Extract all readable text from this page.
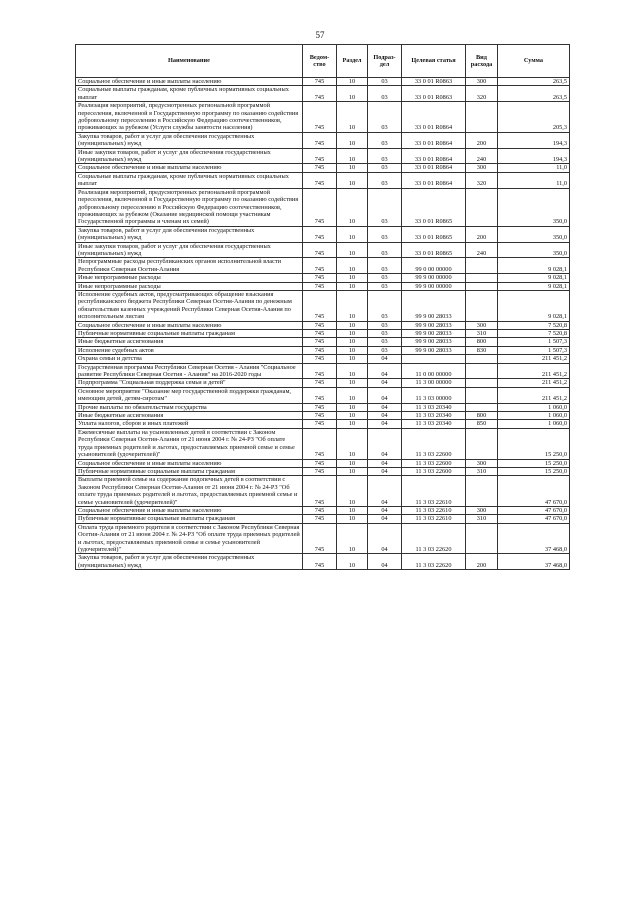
57
Наименование	Ведом-ство	Раздел	Подраз-дел	Целевая статья	Вид расхода	Сумма
Социальное обеспечение и иные выплаты населению	745	10	03	33 0 01 R0863	300	263,5
Социальные выплаты гражданам, кроме публичных нормативных социальных выплат	745	10	03	33 0 01 R0863	320	263,5
Реализация мероприятий, предусмотренных региональной программой переселения, включенной в Государственную программу по оказанию содействия добровольному переселению в Российскую Федерацию соотечественников, проживающих за рубежом (Услуги службы занятости населения)	745	10	03	33 0 01 R0864		205,3
Закупка товаров, работ и услуг для обеспечения государственных (муниципальных) нужд	745	10	03	33 0 01 R0864	200	194,3
Иные закупки товаров, работ и услуг для обеспечения государственных (муниципальных) нужд	745	10	03	33 0 01 R0864	240	194,3
Социальное обеспечение и иные выплаты населению	745	10	03	33 0 01 R0864	300	11,0
Социальные выплаты гражданам, кроме публичных нормативных социальных выплат	745	10	03	33 0 01 R0864	320	11,0
Реализация мероприятий, предусмотренных региональной программой переселения, включенной в Государственную программу по оказанию содействия добровольному переселению в Российскую Федерацию соотечественников, проживающих за рубежом (Оказание медицинской помощи участникам Государственной программы и членам их семей)	745	10	03	33 0 01 R0865		350,0
Закупка товаров, работ и услуг для обеспечения государственных (муниципальных) нужд	745	10	03	33 0 01 R0865	200	350,0
Иные закупки товаров, работ и услуг для обеспечения государственных (муниципальных) нужд	745	10	03	33 0 01 R0865	240	350,0
Непрограммные расходы республиканских органов исполнительной власти Республики Северная Осетия-Алания	745	10	03	99 0 00 00000		9 028,1
Иные непрограммные расходы	745	10	03	99 9 00 00000		9 028,1
Иные непрограммные расходы	745	10	03	99 9 00 00000		9 028,1
Исполнение судебных актов, предусматривающих обращение взыскания республиканского бюджета Республики Северная Осетия-Алания по денежным обязательствам казенных учреждений Республики Северная Осетия-Алания по исполнительным листам	745	10	03	99 9 00 28033		9 028,1
Социальное обеспечение и иные выплаты населению	745	10	03	99 9 00 28033	300	7 520,8
Публичные нормативные социальные выплаты гражданам	745	10	03	99 9 00 28033	310	7 520,8
Иные бюджетные ассигнования	745	10	03	99 9 00 28033	800	1 507,3
Исполнение судебных актов	745	10	03	99 9 00 28033	830	1 507,3
Охрана семьи и детства	745	10	04			211 451,2
Государственная программа Республики Северная Осетия - Алания "Социальное развитие Республики Северная Осетия - Алания" на 2016-2020 годы	745	10	04	11 0 00 00000		211 451,2
Подпрограмма "Социальная поддержка семьи и детей"	745	10	04	11 3 00 00000		211 451,2
Основное мероприятие "Оказание мер государственной поддержки гражданам, имеющим детей, детям-сиротам"	745	10	04	11 3 03 00000		211 451,2
Прочие выплаты по обязательствам государства	745	10	04	11 3 03 20340		1 060,0
Иные бюджетные ассигнования	745	10	04	11 3 03 20340	800	1 060,0
Уплата налогов, сборов и иных платежей	745	10	04	11 3 03 20340	850	1 060,0
Ежемесячные выплаты на усыновленных детей в соответствии с Законом Республики Северная Осетия-Алания от 21 июня 2004 г. № 24-РЗ "Об оплате труда приемных родителей и льготах, предоставляемых приемной семье и семье усыновителей (удочерителей)"	745	10	04	11 3 03 22600		15 250,0
Социальное обеспечение и иные выплаты населению	745	10	04	11 3 03 22600	300	15 250,0
Публичные нормативные социальные выплаты гражданам	745	10	04	11 3 03 22600	310	15 250,0
Выплаты приемной семье на содержание подопечных детей в соответствии с Законом Республики Северная Осетия-Алания от 21 июня 2004 г. № 24-РЗ "Об оплате труда приемных родителей и льготах, предоставляемых приемной семье и семье усыновителей (удочерителей)"	745	10	04	11 3 03 22610		47 670,0
Социальное обеспечение и иные выплаты населению	745	10	04	11 3 03 22610	300	47 670,0
Публичные нормативные социальные выплаты гражданам	745	10	04	11 3 03 22610	310	47 670,0
Оплата труда приемного родителя в соответствии с Законом Республики Северная Осетия-Алания от 21 июня 2004 г. № 24-РЗ "Об оплате труда приемных родителей и льготах, предоставляемых приемной семье и семье усыновителей (удочерителей)"	745	10	04	11 3 03 22620		37 468,0
Закупка товаров, работ и услуг для обеспечения государственных (муниципальных) нужд	745	10	04	11 3 03 22620	200	37 468,0
